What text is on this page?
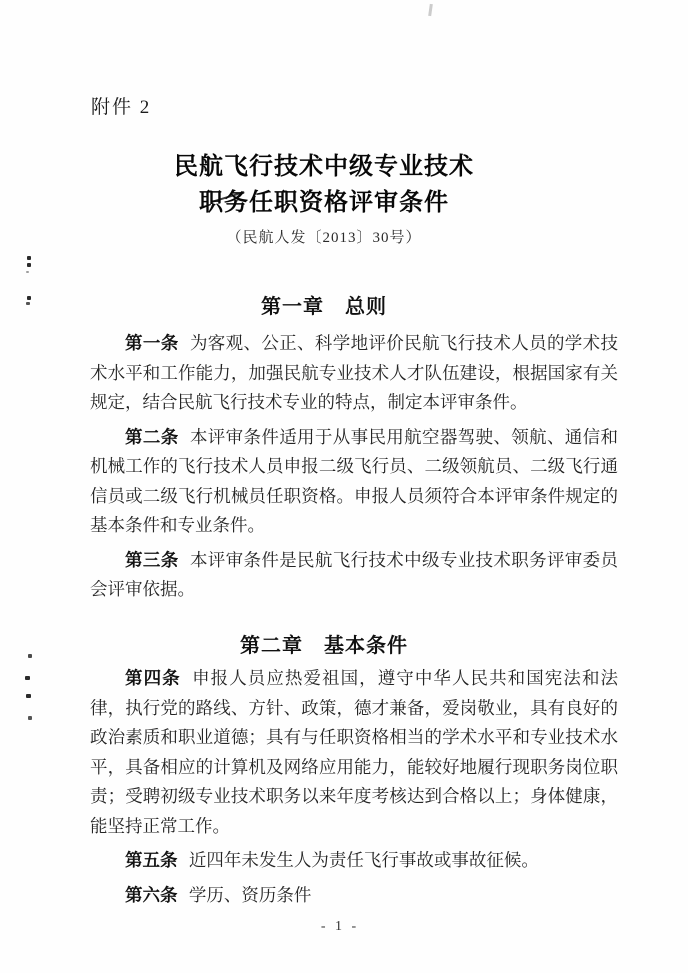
附件 2
民航飞行技术中级专业技术
职务任职资格评审条件
（民航人发〔2013〕30号）
第一章　总则

第一条 为客观、公正、科学地评价民航飞行技术人员的学术技术水平和工作能力，加强民航专业技术人才队伍建设，根据国家有关规定，结合民航飞行技术专业的特点，制定本评审条件。

第二条 本评审条件适用于从事民用航空器驾驶、领航、通信和机械工作的飞行技术人员申报二级飞行员、二级领航员、二级飞行通信员或二级飞行机械员任职资格。申报人员须符合本评审条件规定的基本条件和专业条件。

第三条 本评审条件是民航飞行技术中级专业技术职务评审委员会评审依据。

第二章　基本条件

第四条 申报人员应热爱祖国，遵守中华人民共和国宪法和法律，执行党的路线、方针、政策，德才兼备，爱岗敬业，具有良好的政治素质和职业道德；具有与任职资格相当的学术水平和专业技术水平，具备相应的计算机及网络应用能力，能较好地履行现职务岗位职责；受聘初级专业技术职务以来年度考核达到合格以上；身体健康，能坚持正常工作。

第五条 近四年未发生人为责任飞行事故或事故征候。

第六条 学历、资历条件

- 1 -
